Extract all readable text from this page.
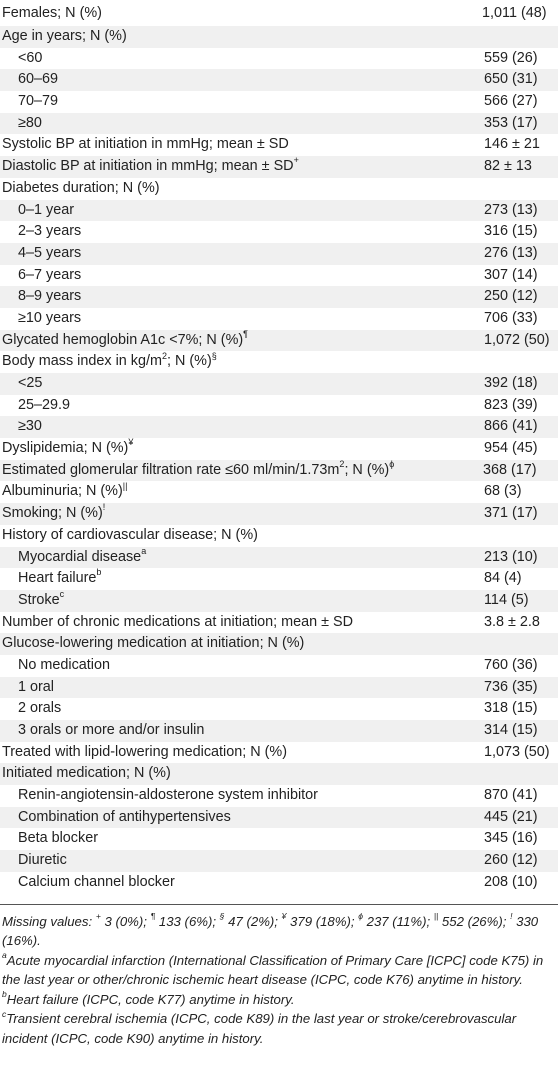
Females; N (%)	1,011 (48)
Age in years; N (%)
<60	559 (26)
60–69	650 (31)
70–79	566 (27)
≥80	353 (17)
Systolic BP at initiation in mmHg; mean ± SD	146 ± 21
Diastolic BP at initiation in mmHg; mean ± SD+	82 ± 13
Diabetes duration; N (%)
0–1 year	273 (13)
2–3 years	316 (15)
4–5 years	276 (13)
6–7 years	307 (14)
8–9 years	250 (12)
≥10 years	706 (33)
Glycated hemoglobin A1c <7%; N (%)¶	1,072 (50)
Body mass index in $kg/m^2$; N (%)§
<25	392 (18)
25–29.9	823 (39)
≥30	866 (41)
Dyslipidemia; N (%)¥	954 (45)
Estimated glomerular filtration rate ≤60 $ml/\min/1.73m^2$; N (%)$^\phi$	368 (17)
Albuminuria; N (%)||	68 (3)
Smoking; N (%)!	371 (17)
History of cardiovascular disease; N (%)
Myocardial disease$^a$	213 (10)
Heart failure$^b$	84 (4)
Stroke$^c$	114 (5)
Number of chronic medications at initiation; mean ± SD	3.8 ± 2.8
Glucose-lowering medication at initiation; N (%)
No medication	760 (36)
1 oral	736 (35)
2 orals	318 (15)
3 orals or more and/or insulin	314 (15)
Treated with lipid-lowering medication; N (%)	1,073 (50)
Initiated medication; N (%)
Renin-angiotensin-aldosterone system inhibitor	870 (41)
Combination of antihypertensives	445 (21)
Beta blocker	345 (16)
Diuretic	260 (12)
Calcium channel blocker	208 (10)

Missing values: + 3 (0%); ¶ 133 (6%); § 47 (2%); ¥ 379 (18%); $^\phi$ 237 (11%); || 552 (26%); ! 330 (16%).

$^a$Acute myocardial infarction (International Classification of Primary Care [ICPC] code K75) in the last year or other/chronic ischemic heart disease (ICPC, code K76) anytime in history.

$^b$Heart failure (ICPC, code K77) anytime in history.

$^c$Transient cerebral ischemia (ICPC, code K89) in the last year or stroke/cerebrovascular incident (ICPC, code K90) anytime in history.
